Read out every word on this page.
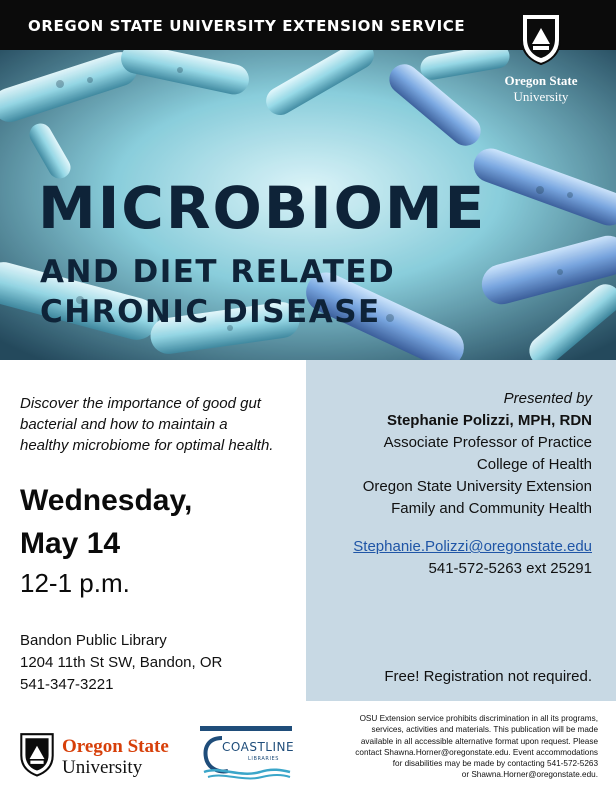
OREGON STATE UNIVERSITY EXTENSION SERVICE
MICROBIOME
AND DIET RELATED
CHRONIC DISEASE
Oregon State
University
Discover the importance of good gut
bacterial and how to maintain a
healthy microbiome for optimal health.
Wednesday,
May 14
12-1 p.m.
Bandon Public Library
1204 11th St SW, Bandon, OR
541-347-3221
Presented by
Stephanie Polizzi, MPH, RDN
Associate Professor of Practice
College of Health
Oregon State University Extension
Family and Community Health
Stephanie.Polizzi@oregonstate.edu
541-572-5263 ext 25291
Free! Registration not required.
Oregon State
University
COASTLINE
LIBRARIES
OSU Extension service prohibits discrimination in all its programs,
services, activities and materials. This publication will be made
available in all accessible alternative format upon request. Please
contact Shawna.Horner@oregonstate.edu. Event accommodations
for disabilities may be made by contacting 541-572-5263
or Shawna.Horner@oregonstate.edu.
